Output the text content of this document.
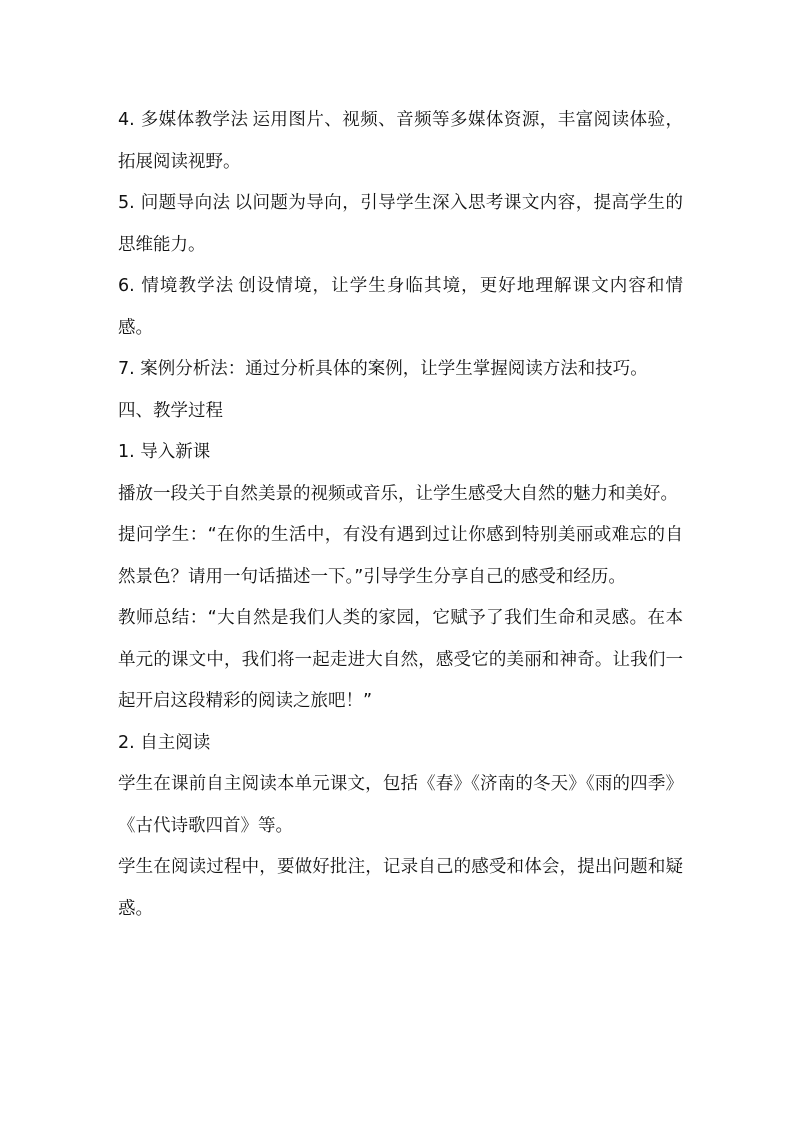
4. 多媒体教学法 运用图片、视频、音频等多媒体资源，丰富阅读体验，拓展阅读视野。

5. 问题导向法 以问题为导向，引导学生深入思考课文内容，提高学生的思维能力。

6. 情境教学法 创设情境，让学生身临其境，更好地理解课文内容和情感。

7. 案例分析法：通过分析具体的案例，让学生掌握阅读方法和技巧。

四、教学过程

1. 导入新课

播放一段关于自然美景的视频或音乐，让学生感受大自然的魅力和美好。

提问学生：“在你的生活中，有没有遇到过让你感到特别美丽或难忘的自然景色？请用一句话描述一下。”引导学生分享自己的感受和经历。

教师总结：“大自然是我们人类的家园，它赋予了我们生命和灵感。在本单元的课文中，我们将一起走进大自然，感受它的美丽和神奇。让我们一起开启这段精彩的阅读之旅吧！”

2. 自主阅读

学生在课前自主阅读本单元课文，包括《春》《济南的冬天》《雨的四季》《古代诗歌四首》等。

学生在阅读过程中，要做好批注，记录自己的感受和体会，提出问题和疑惑。
